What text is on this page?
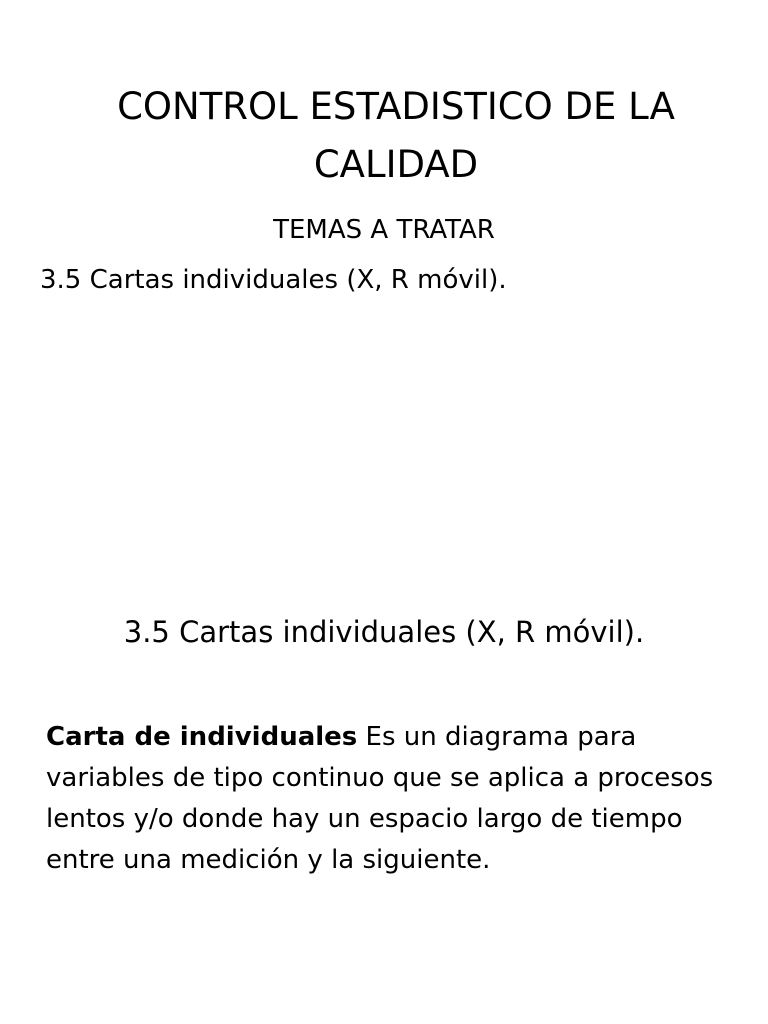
CONTROL ESTADISTICO DE LA CALIDAD
TEMAS A TRATAR
3.5 Cartas individuales (X, R móvil).
3.5 Cartas individuales (X, R móvil).

Carta de individuales Es un diagrama para variables de tipo continuo que se aplica a procesos lentos y/o donde hay un espacio largo de tiempo entre una medición y la siguiente.
